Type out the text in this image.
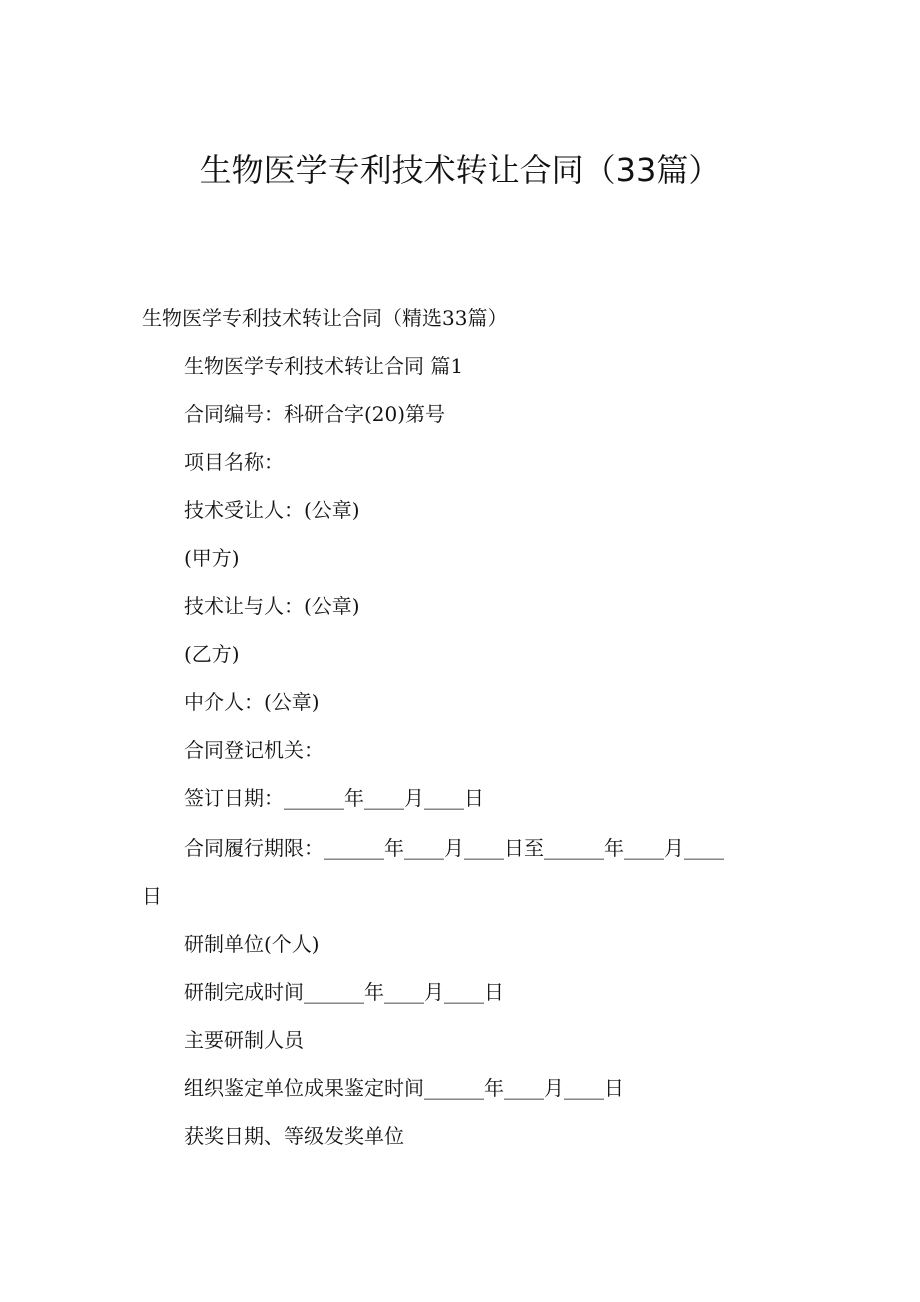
生物医学专利技术转让合同（33篇）
生物医学专利技术转让合同（精选33篇）
生物医学专利技术转让合同 篇1
合同编号：科研合字(20)第号
项目名称：
技术受让人：(公章)
(甲方)
技术让与人：(公章)
(乙方)
中介人：(公章)
合同登记机关：
签订日期：______年____月____日
合同履行期限：______年____月____日至______年____月____
日
研制单位(个人)
研制完成时间______年____月____日
主要研制人员
组织鉴定单位成果鉴定时间______年____月____日
获奖日期、等级发奖单位
